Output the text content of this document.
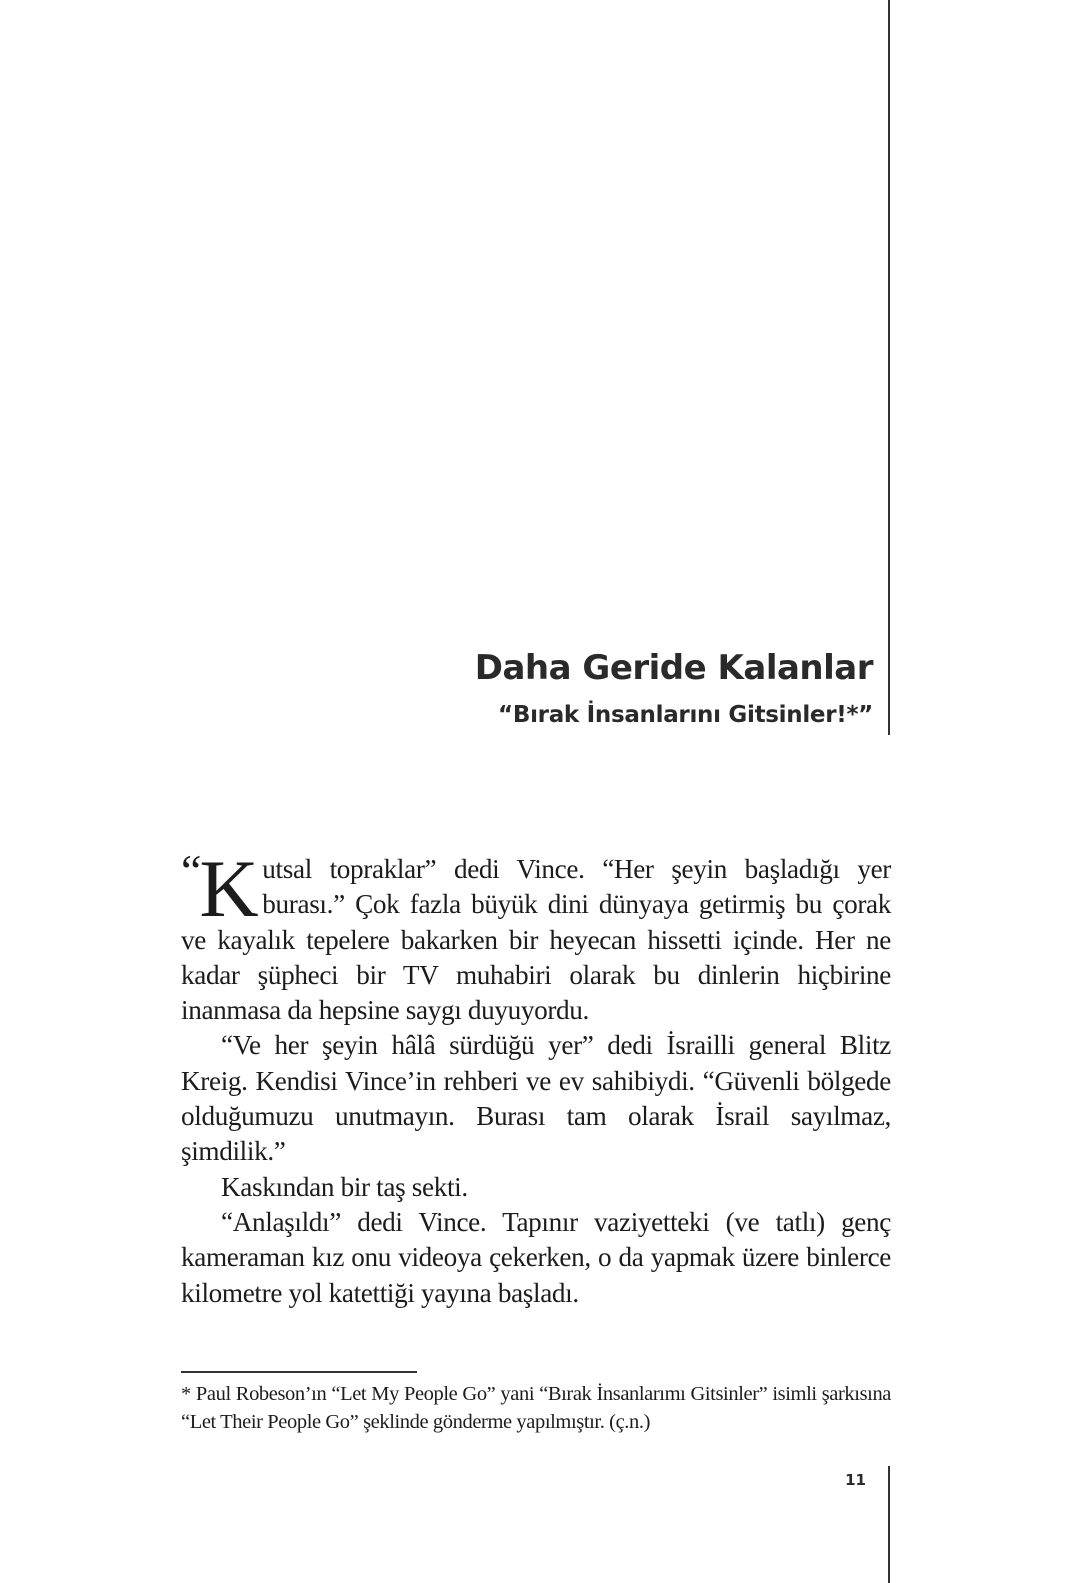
Daha Geride Kalanlar
“Bırak İnsanlarını Gitsinler!*”

“ K utsal topraklar” dedi Vince. “Her şeyin başladığı yer burası.” Çok fazla büyük dini dünyaya getirmiş bu çorak ve kayalık tepelere bakarken bir heyecan hissetti içinde. Her ne kadar şüpheci bir TV muhabiri olarak bu dinlerin hiçbirine inanmasa da hepsine saygı duyuyordu.

“Ve her şeyin hâlâ sürdüğü yer” dedi İsrailli general Blitz Kreig. Kendisi Vince’in rehberi ve ev sahibiydi. “Güvenli bölgede olduğumuzu unutmayın. Burası tam olarak İsrail sayılmaz, şimdilik.”

Kaskından bir taş sekti.

“Anlaşıldı” dedi Vince. Tapınır vaziyetteki (ve tatlı) genç kameraman kız onu videoya çekerken, o da yapmak üzere binlerce kilometre yol katettiği yayına başladı.

* Paul Robeson’ın “Let My People Go” yani “Bırak İnsanlarımı Gitsinler” isimli şarkısına “Let Their People Go” şeklinde gönderme yapılmıştır. (ç.n.)

11
